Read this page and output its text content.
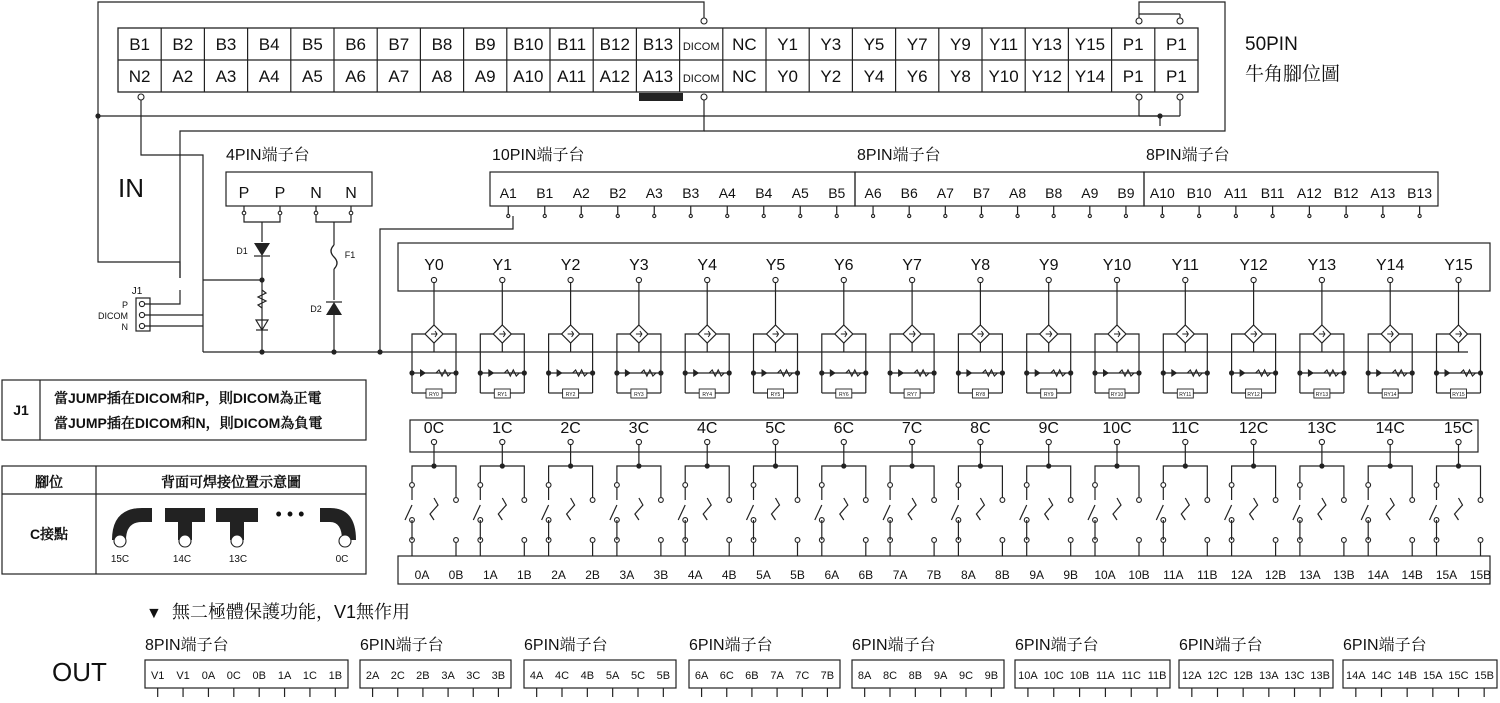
B1 B2 B3 B4 B5 B6 B7 B8 B9 B10 B11 B12 B13 DICOM NC Y1 Y3 Y5 Y7 Y9 Y11 Y13 Y15 P1 P1
N2 A2 A3 A4 A5 A6 A7 A8 A9 A10 A11 A12 A13 DICOM NC Y0 Y2 Y4 Y6 Y8 Y10 Y12 Y14 P1 P1
50PIN
牛角腳位圖
IN
4PIN端子台
P P N N
D1	F1
D2
J1
P
DICOM
N
10PIN端子台
A1 B1 A2 B2 A3 B3 A4 B4 A5 B5
8PIN端子台
A6 B6 A7 B7 A8 B8 A9 B9
8PIN端子台
A10 B10 A11 B11 A12 B12 A13 B13
Y0
RY0
Y1
RY1
Y2
RY2
Y3
RY3
Y4
RY4
Y5
RY5
Y6
RY6
Y7
RY7
Y8
RY8
Y9
RY9
Y10
RY10
Y11
RY11
Y12
RY12
Y13
RY13
Y14
RY14
Y15
RY15
0C	1C	2C	3C	4C	5C	6C	7C	8C	9C	10C 11C 12C 13C 14C 15C
0A 0B 1A 1B 2A 2B 3A 3B 4A 4B 5A 5B 6A 6B 7A 7B 8A 8B 9A 9B 10A 10B 11A 11B 12A 12B 13A 13B 14A 14B 15A 15B
J1
當JUMP插在DICOM和P，則DICOM為正電
當JUMP插在DICOM和N，則DICOM為負電
腳位	背面可焊接位置示意圖
C接點
• • •
15C	14C	13C	0C
▼ 無二極體保護功能，V1無作用
OUT
8PIN端子台
V1 V1 0A 0C 0B 1A 1C 1B
6PIN端子台
2A 2C 2B 3A 3C 3B
6PIN端子台
4A 4C 4B 5A 5C 5B
6PIN端子台
6A 6C 6B 7A 7C 7B
6PIN端子台
8A 8C 8B 9A 9C 9B
6PIN端子台
10A 10C 10B 11A 11C 11B
6PIN端子台
12A 12C 12B 13A 13C 13B
6PIN端子台
14A 14C 14B 15A 15C 15B
